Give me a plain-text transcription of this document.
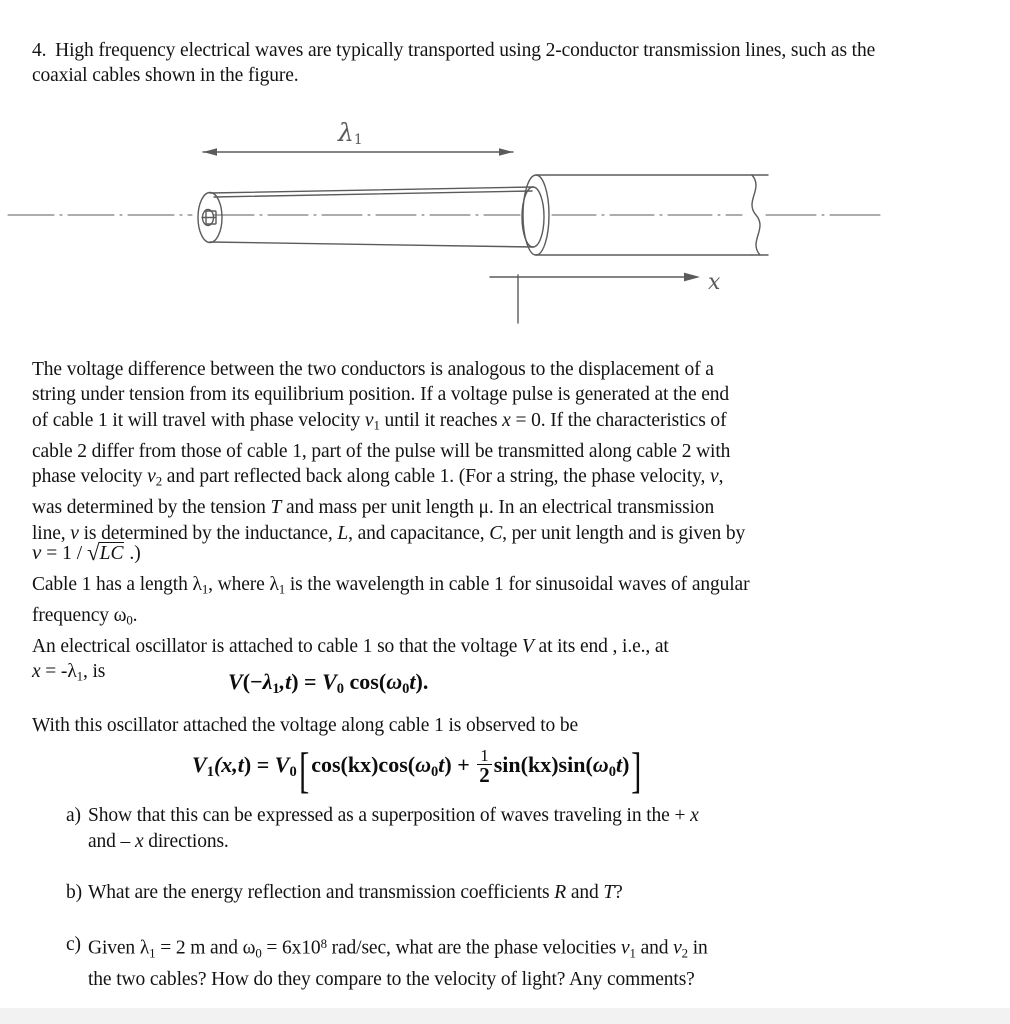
4. High frequency electrical waves are typically transported using 2-conductor transmission lines, such as the coaxial cables shown in the figure.
$\lambda_1$
x
The voltage difference between the two conductors is analogous to the displacement of a
string under tension from its equilibrium position. If a voltage pulse is generated at the end
of cable 1 it will travel with phase velocity $v_1$ until it reaches x = 0. If the characteristics of
cable 2 differ from those of cable 1, part of the pulse will be transmitted along cable 2 with
phase velocity $v_2$ and part reflected back along cable 1. (For a string, the phase velocity, v,
was determined by the tension T and mass per unit length μ. In an electrical transmission
line, v is determined by the inductance, L, and capacitance, C, per unit length and is given by
v = 1 / √LC .)
Cable 1 has a length $\lambda_1$, where $\lambda_1$ is the wavelength in cable 1 for sinusoidal waves of angular
frequency $\omega_0$.
An electrical oscillator is attached to cable 1 so that the voltage V at its end , i.e., at
$x = -\lambda_1$, is	$V(-\lambda_1,t) = V_0$ $\cos(\omega_0t)$.
With this oscillator attached the voltage along cable 1 is observed to be
$V_1(x,t) = V_0[\cos(kx)\cos(\omega_0t) + \frac{1}{2} \sin(kx)\sin(\omega_0t)]$
a) Show that this can be expressed as a superposition of waves traveling in the + x
and – x directions.
b) What are the energy reflection and transmission coefficients R and T?
c) Given $\lambda_1 = 2$ m and $\omega_0 = 6x10^8$ rad/sec, what are the phase velocities $v_1$ and $v_2$ in
the two cables? How do they compare to the velocity of light? Any comments?
